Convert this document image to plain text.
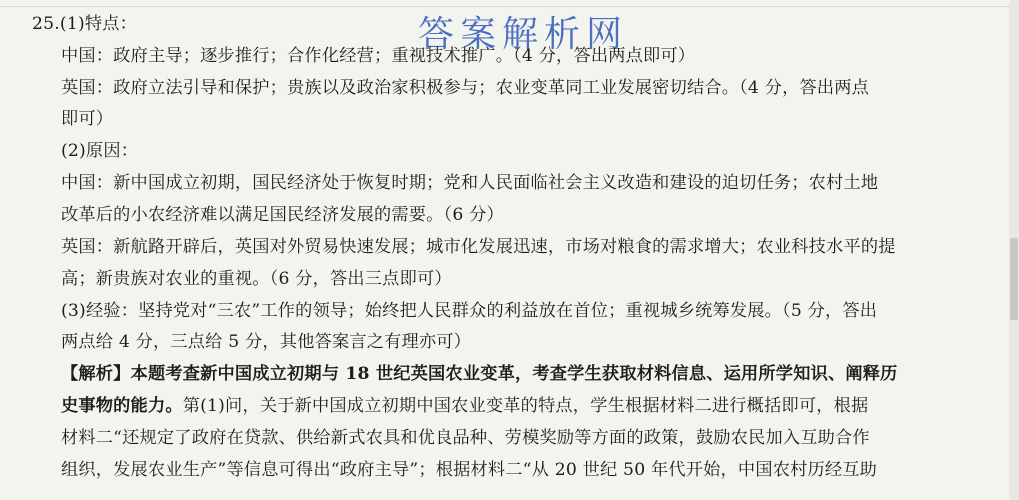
25.(1)特点：	答案解析网
中国：政府主导；逐步推行；合作化经营；重视技术推广。（4 分，答出两点即可）
英国：政府立法引导和保护；贵族以及政治家积极参与；农业变革同工业发展密切结合。（4 分，答出两点
即可）
(2)原因：
中国：新中国成立初期，国民经济处于恢复时期；党和人民面临社会主义改造和建设的迫切任务；农村土地
改革后的小农经济难以满足国民经济发展的需要。（6 分）
英国：新航路开辟后，英国对外贸易快速发展；城市化发展迅速，市场对粮食的需求增大；农业科技水平的提
高；新贵族对农业的重视。（6 分，答出三点即可）
(3)经验：坚持党对“三农”工作的领导；始终把人民群众的利益放在首位；重视城乡统筹发展。（5 分，答出
两点给 4 分，三点给 5 分，其他答案言之有理亦可）
【解析】本题考查新中国成立初期与 18 世纪英国农业变革，考查学生获取材料信息、运用所学知识、阐释历
史事物的能力。第(1)问，关于新中国成立初期中国农业变革的特点，学生根据材料二进行概括即可，根据
材料二“还规定了政府在贷款、供给新式农具和优良品种、劳模奖励等方面的政策，鼓励农民加入互助合作
组织，发展农业生产”等信息可得出“政府主导”；根据材料二“从 20 世纪 50 年代开始，中国农村历经互助
